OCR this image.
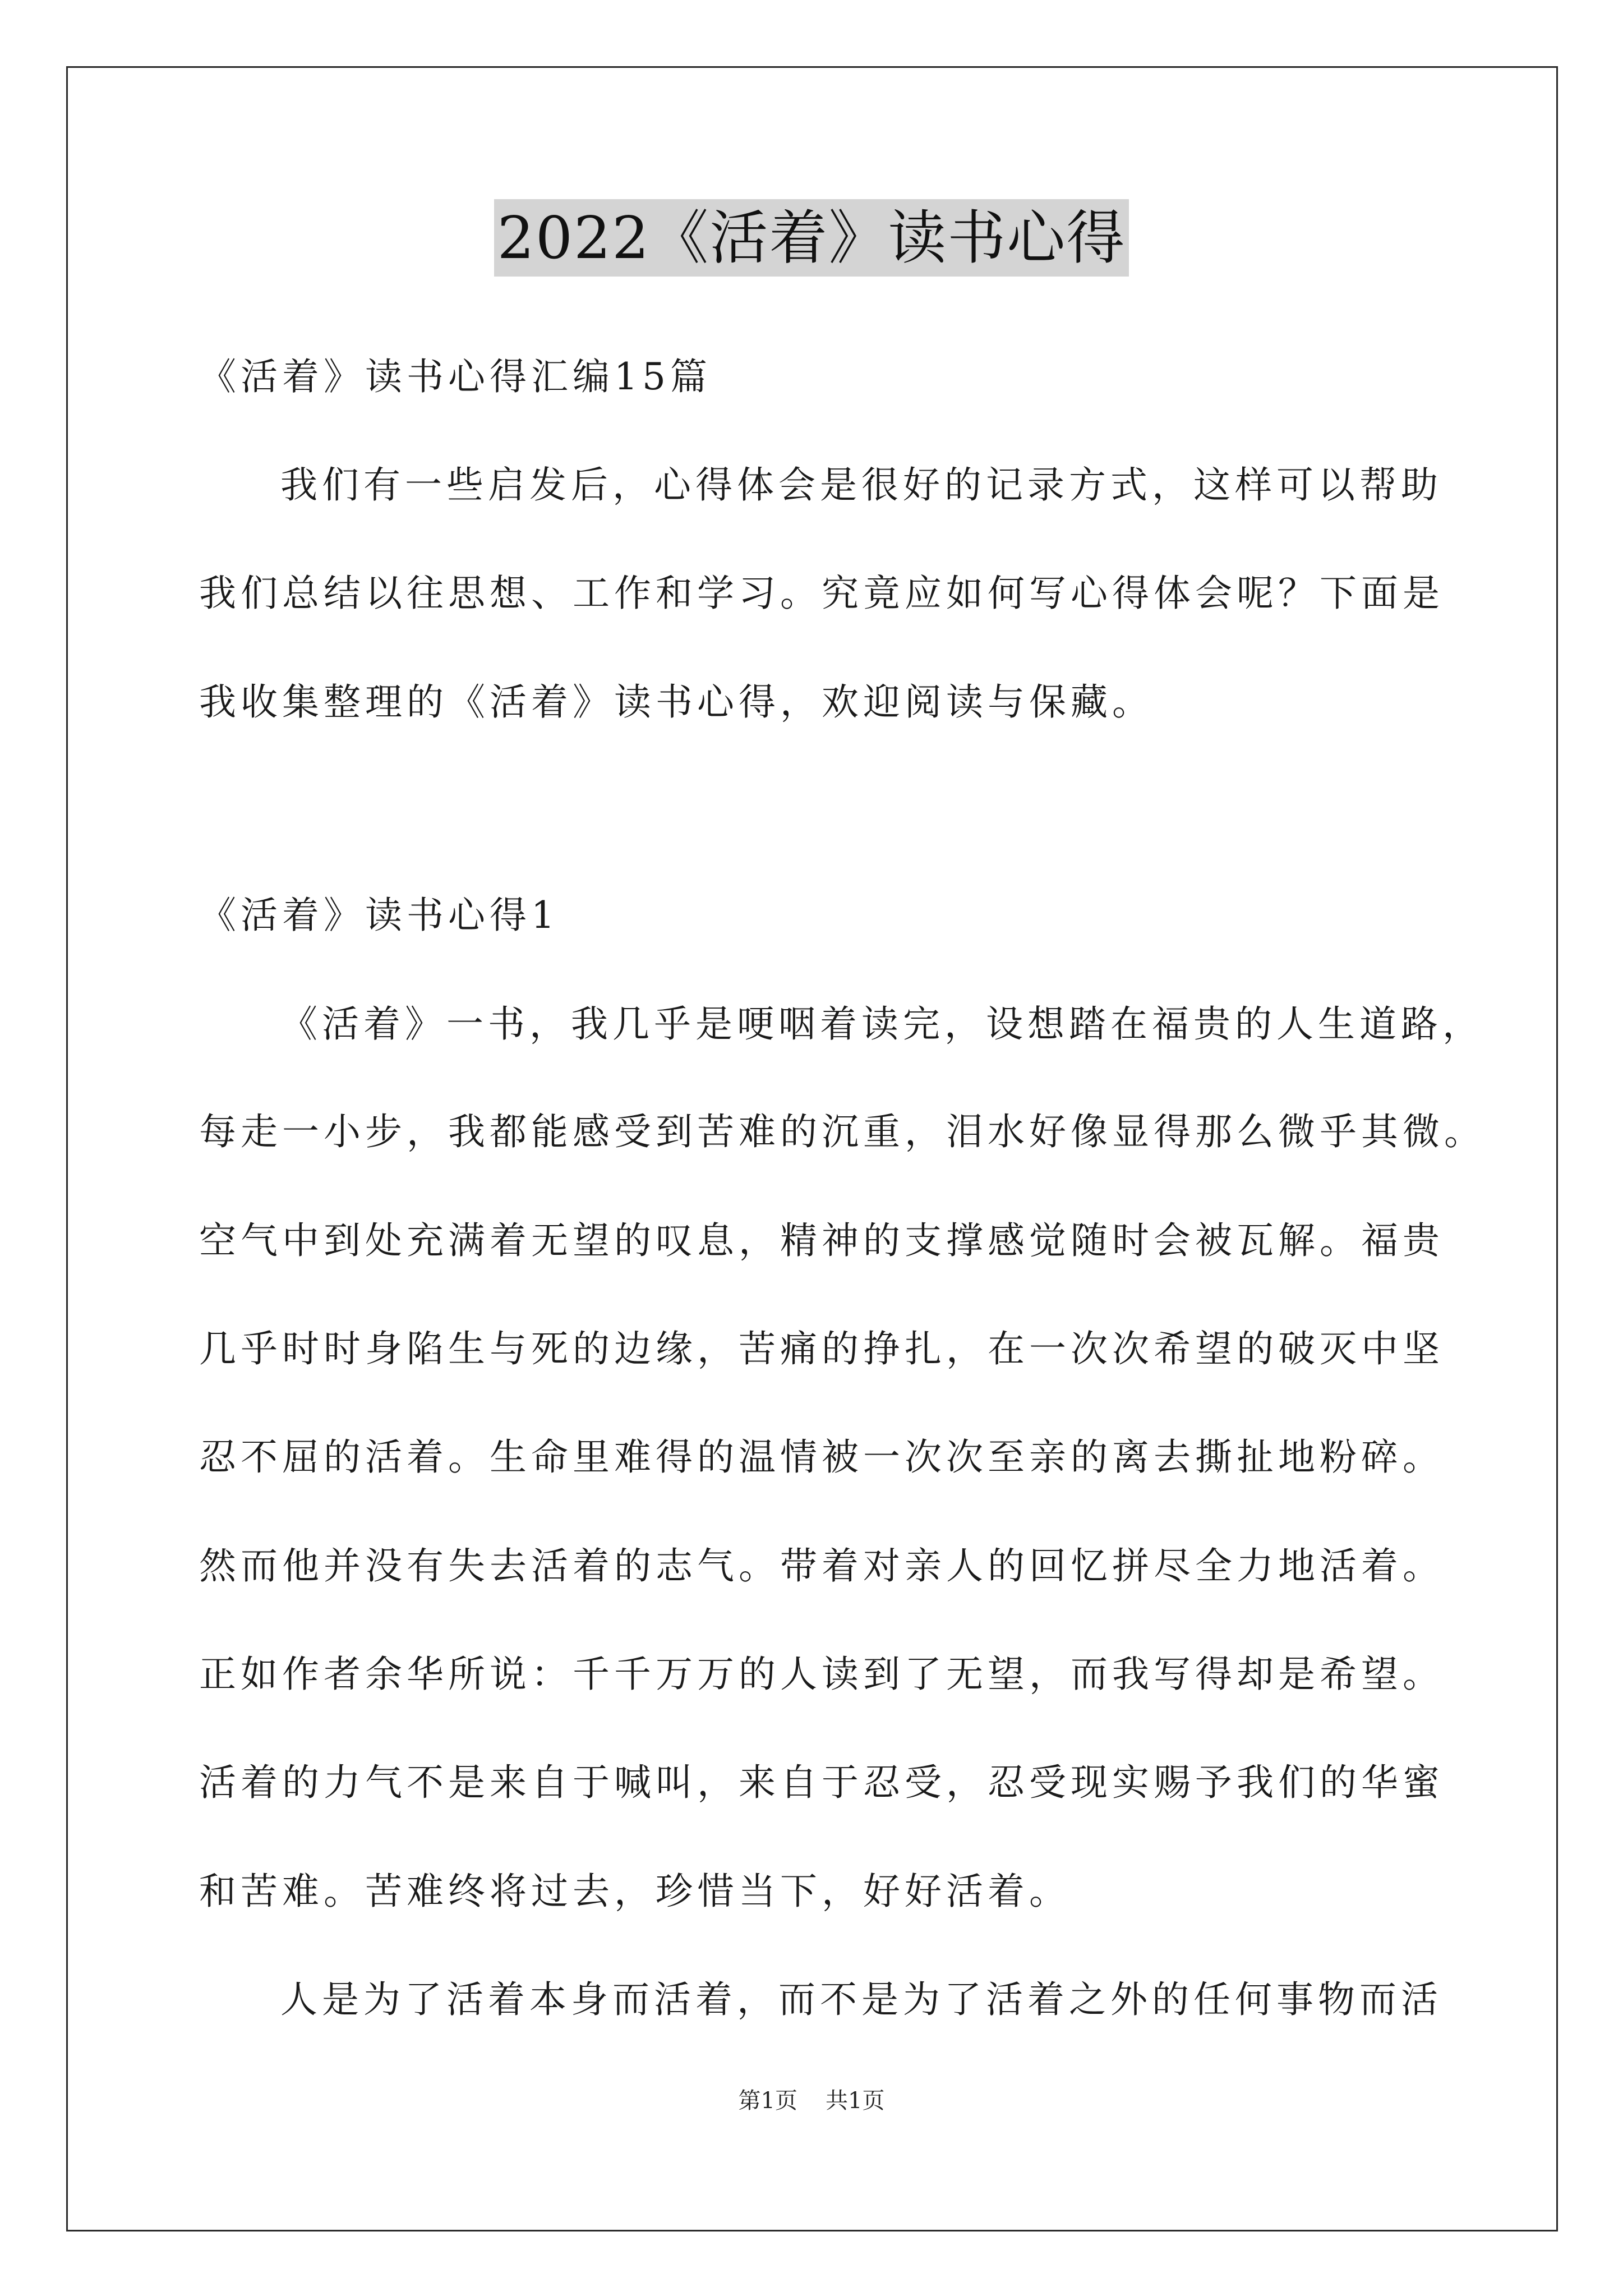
2022《活着》读书心得
《活着》读书心得汇编15篇
我们有一些启发后，心得体会是很好的记录方式，这样可以帮助
我们总结以往思想、工作和学习。究竟应如何写心得体会呢？下面是
我收集整理的《活着》读书心得，欢迎阅读与保藏。
《活着》读书心得1
《活着》一书，我几乎是哽咽着读完，设想踏在福贵的人生道路，
每走一小步，我都能感受到苦难的沉重，泪水好像显得那么微乎其微。
空气中到处充满着无望的叹息，精神的支撑感觉随时会被瓦解。福贵
几乎时时身陷生与死的边缘，苦痛的挣扎，在一次次希望的破灭中坚
忍不屈的活着。生命里难得的温情被一次次至亲的离去撕扯地粉碎。
然而他并没有失去活着的志气。带着对亲人的回忆拼尽全力地活着。
正如作者余华所说：千千万万的人读到了无望，而我写得却是希望。
活着的力气不是来自于喊叫，来自于忍受，忍受现实赐予我们的华蜜
和苦难。苦难终将过去，珍惜当下，好好活着。
人是为了活着本身而活着，而不是为了活着之外的任何事物而活
第1页 共1页
